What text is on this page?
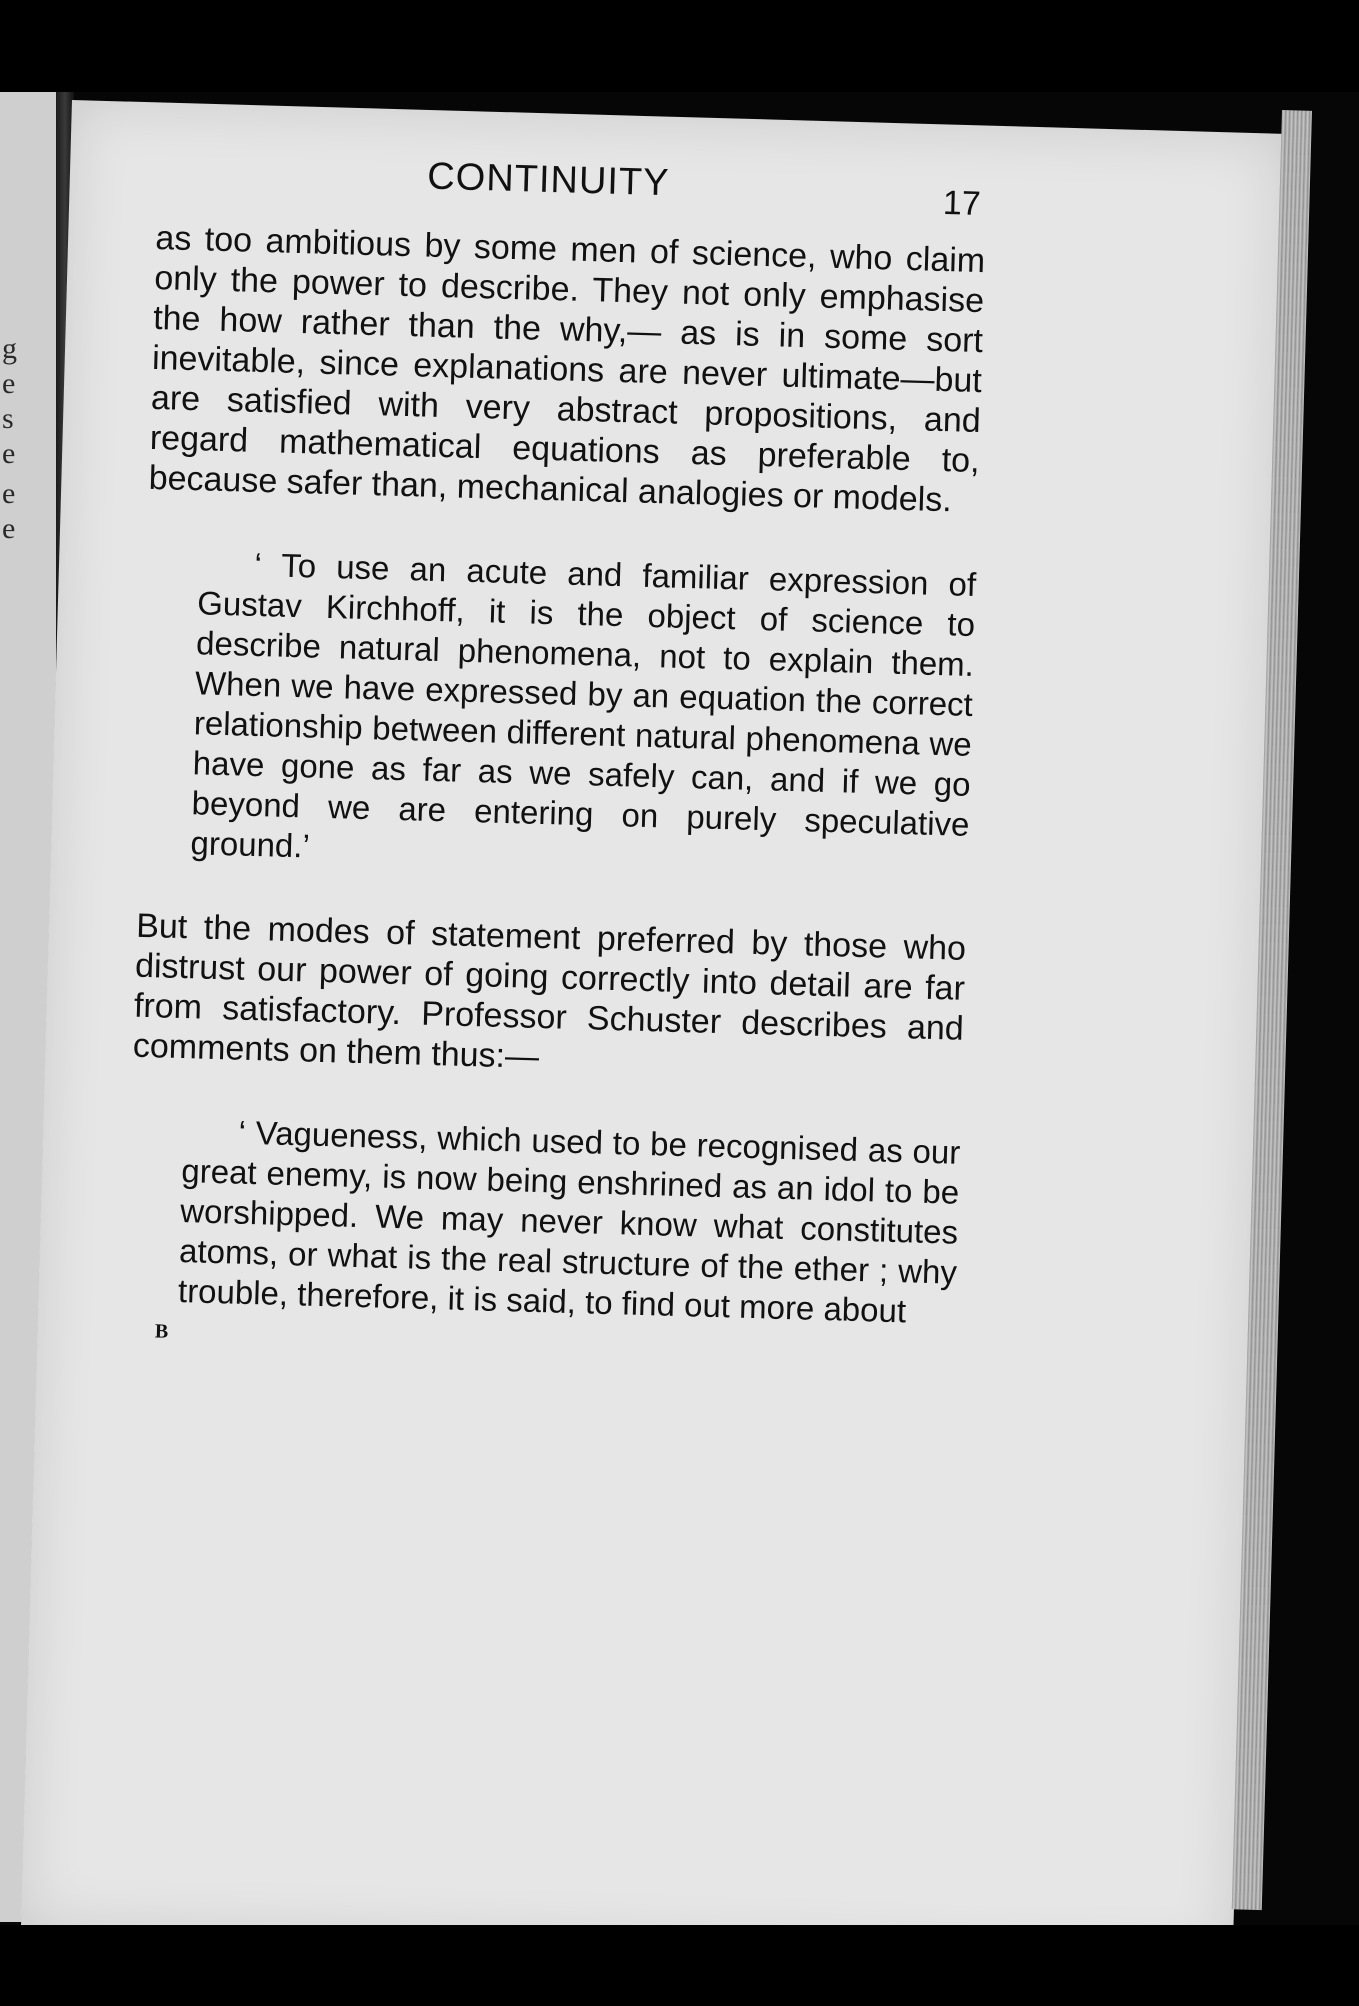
g
e
s
e
e
e
CONTINUITY	17

as too ambitious by some men of science, who claim only the power to describe. They not only emphasise the how rather than the why,— as is in some sort inevitable, since explanations are never ultimate—but are satisfied with very abstract propositions, and regard mathematical equations as preferable to, because safer than, mechanical analogies or models.

‘ To use an acute and familiar expression of Gustav Kirchhoff, it is the object of science to describe natural phenomena, not to explain them. When we have expressed by an equation the correct relationship between different natural phenomena we have gone as far as we safely can, and if we go beyond we are entering on purely speculative ground.’

But the modes of statement preferred by those who distrust our power of going correctly into detail are far from satisfactory. Professor Schuster describes and comments on them thus:—

‘ Vagueness, which used to be recognised as our great enemy, is now being enshrined as an idol to be worshipped. We may never know what constitutes atoms, or what is the real structure of the ether ; why trouble, therefore, it is said, to find out more about

B
